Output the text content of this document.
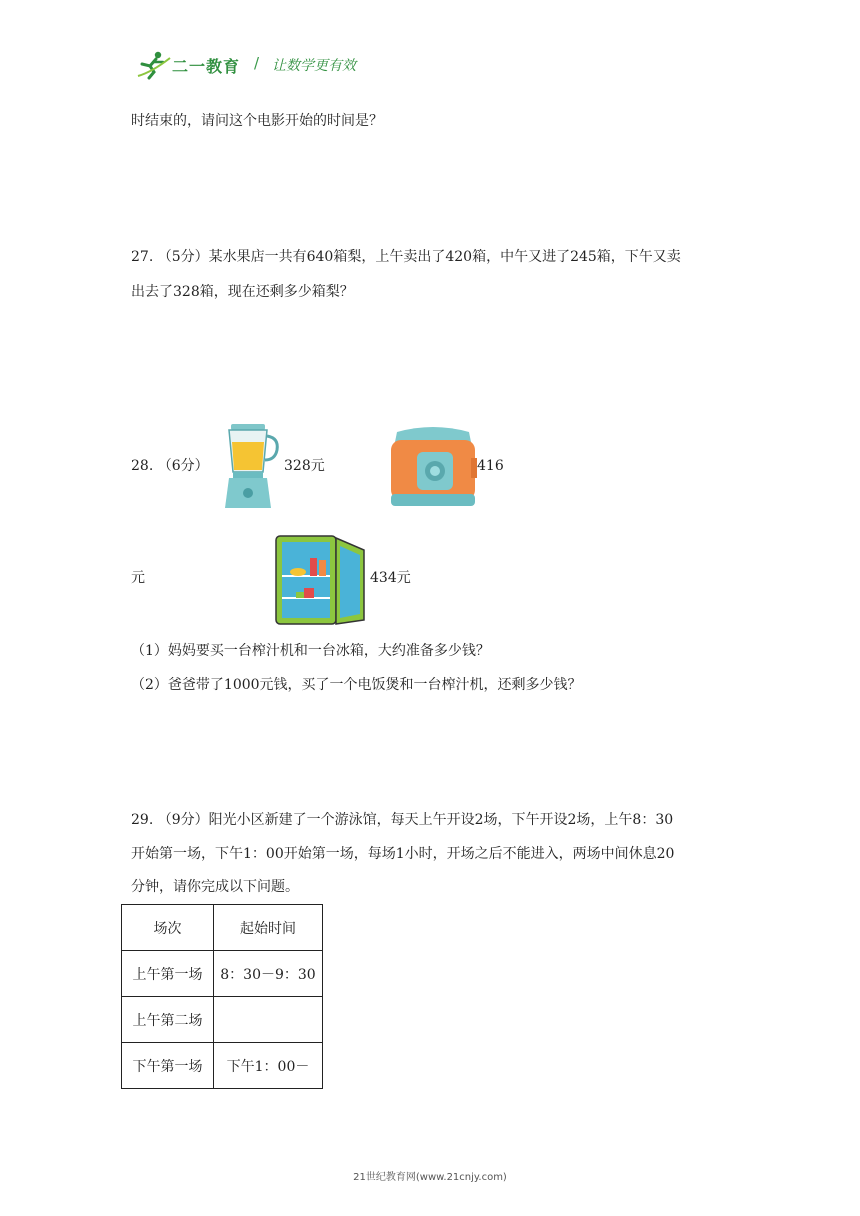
二一教育 / 让数学更有效
时结束的，请问这个电影开始的时间是？
27. （5分）某水果店一共有640箱梨，上午卖出了420箱，中午又进了245箱，下午又卖
出去了328箱，现在还剩多少箱梨？
28. （6分）	328元	416
元	434元
（1）妈妈要买一台榨汁机和一台冰箱，大约准备多少钱？
（2）爸爸带了1000元钱，买了一个电饭煲和一台榨汁机，还剩多少钱？
29. （9分）阳光小区新建了一个游泳馆，每天上午开设2场，下午开设2场，上午8：30
开始第一场，下午1：00开始第一场，每场1小时，开场之后不能进入，两场中间休息20
分钟，请你完成以下问题。
场次	起始时间
上午第一场	8：30－9：30
上午第二场	
下午第一场	下午1：00－
21世纪教育网(www.21cnjy.com)
